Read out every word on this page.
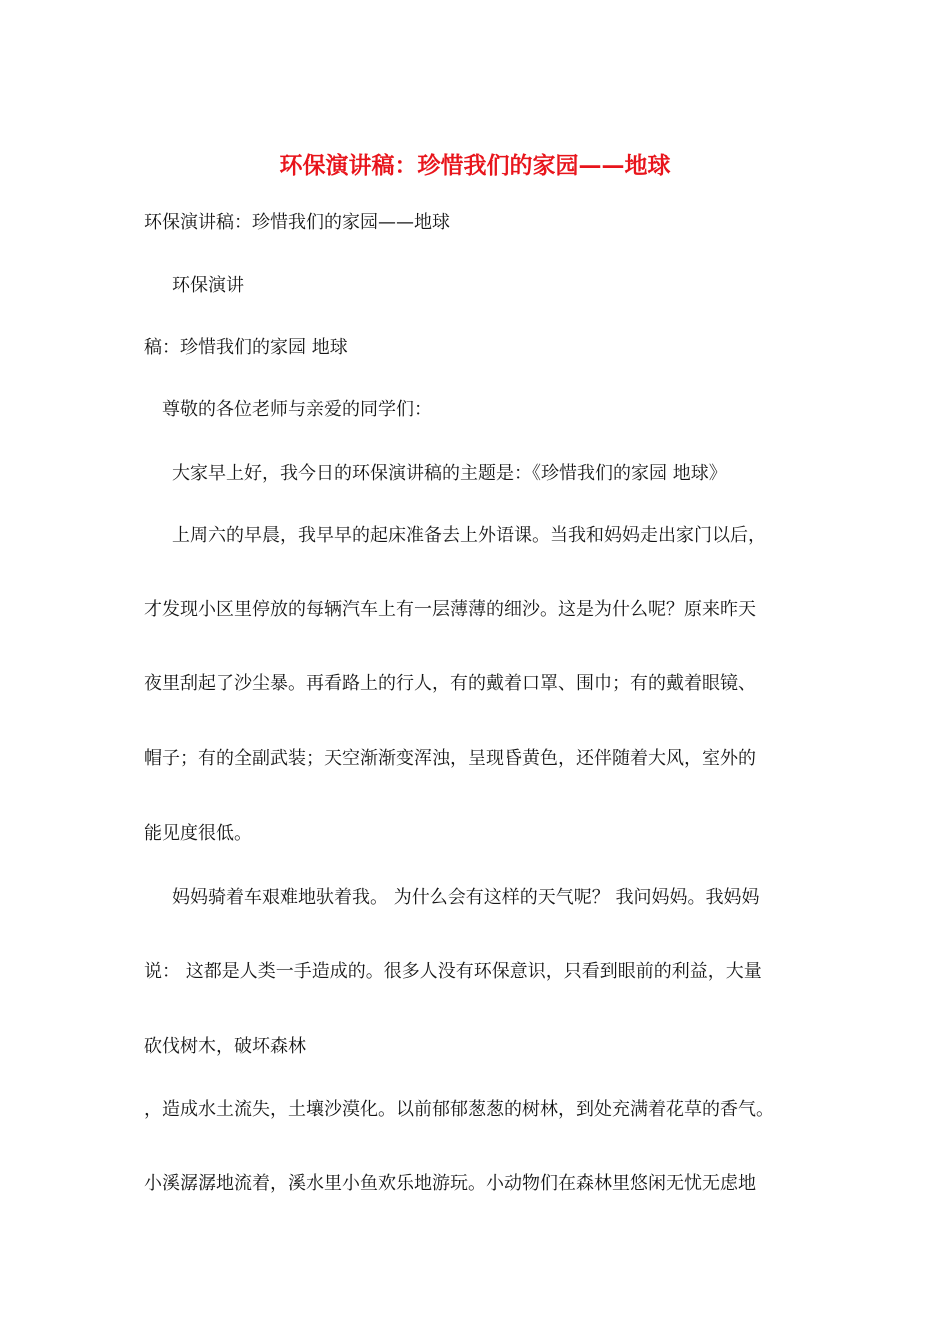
环保演讲稿：珍惜我们的家园——地球
环保演讲稿：珍惜我们的家园——地球
环保演讲
稿：珍惜我们的家园 地球
尊敬的各位老师与亲爱的同学们：
大家早上好，我今日的环保演讲稿的主题是：《珍惜我们的家园 地球》
上周六的早晨，我早早的起床准备去上外语课。当我和妈妈走出家门以后，
才发现小区里停放的每辆汽车上有一层薄薄的细沙。这是为什么呢？原来昨天
夜里刮起了沙尘暴。再看路上的行人，有的戴着口罩、围巾；有的戴着眼镜、
帽子；有的全副武装；天空渐渐变浑浊，呈现昏黄色，还伴随着大风，室外的
能见度很低。
妈妈骑着车艰难地驮着我。 为什么会有这样的天气呢？ 我问妈妈。我妈妈
说： 这都是人类一手造成的。很多人没有环保意识，只看到眼前的利益，大量
砍伐树木，破坏森林
，造成水土流失，土壤沙漠化。以前郁郁葱葱的树林，到处充满着花草的香气。
小溪潺潺地流着，溪水里小鱼欢乐地游玩。小动物们在森林里悠闲无忧无虑地
